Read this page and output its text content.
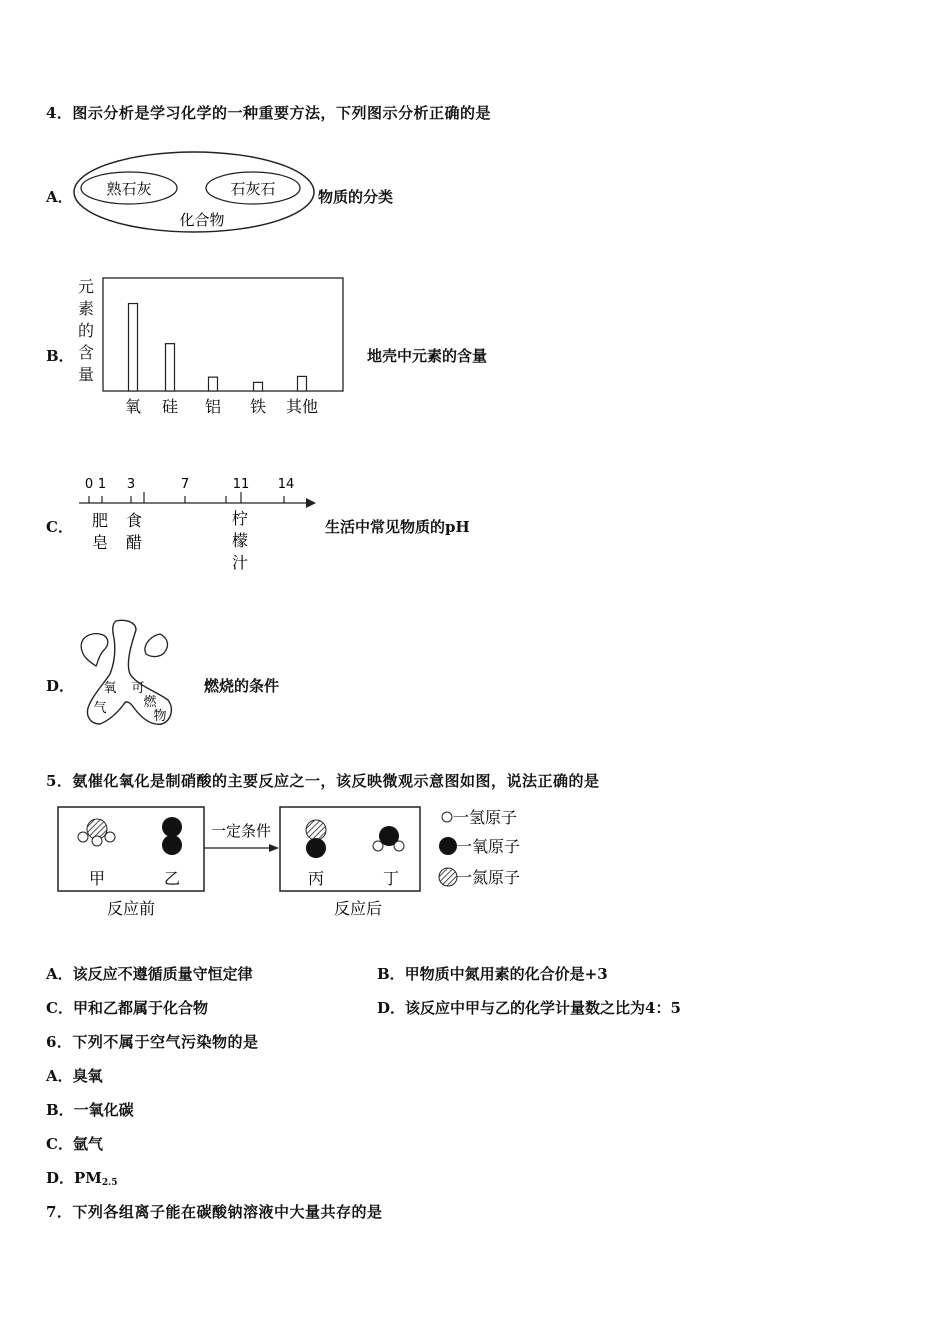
4．图示分析是学习化学的一种重要方法，下列图示分析正确的是
A． 熟石灰	石灰石
化合物
物质的分类
B．
元
素
的
含
量
氧 硅 铝 铁 其他
地壳中元素的含量
C．
0 1 3	7	11 14
肥
皂
食
醋
柠
檬
汁
生活中常见物质的pH
D． 氧
气
可
燃
物
燃烧的条件
5．氨催化氧化是制硝酸的主要反应之一，该反映微观示意图如图，说法正确的是
甲	乙
反应前
一定条件
丙	丁
反应后
一氢原子
一氧原子
一氮原子
A．该反应不遵循质量守恒定律	B．甲物质中氮用素的化合价是+3
C．甲和乙都属于化合物	D．该反应中甲与乙的化学计量数之比为4：5
6．下列不属于空气污染物的是
A．臭氧
B．一氧化碳
C．氩气
D．$PM_{2.5}$
7．下列各组离子能在碳酸钠溶液中大量共存的是
